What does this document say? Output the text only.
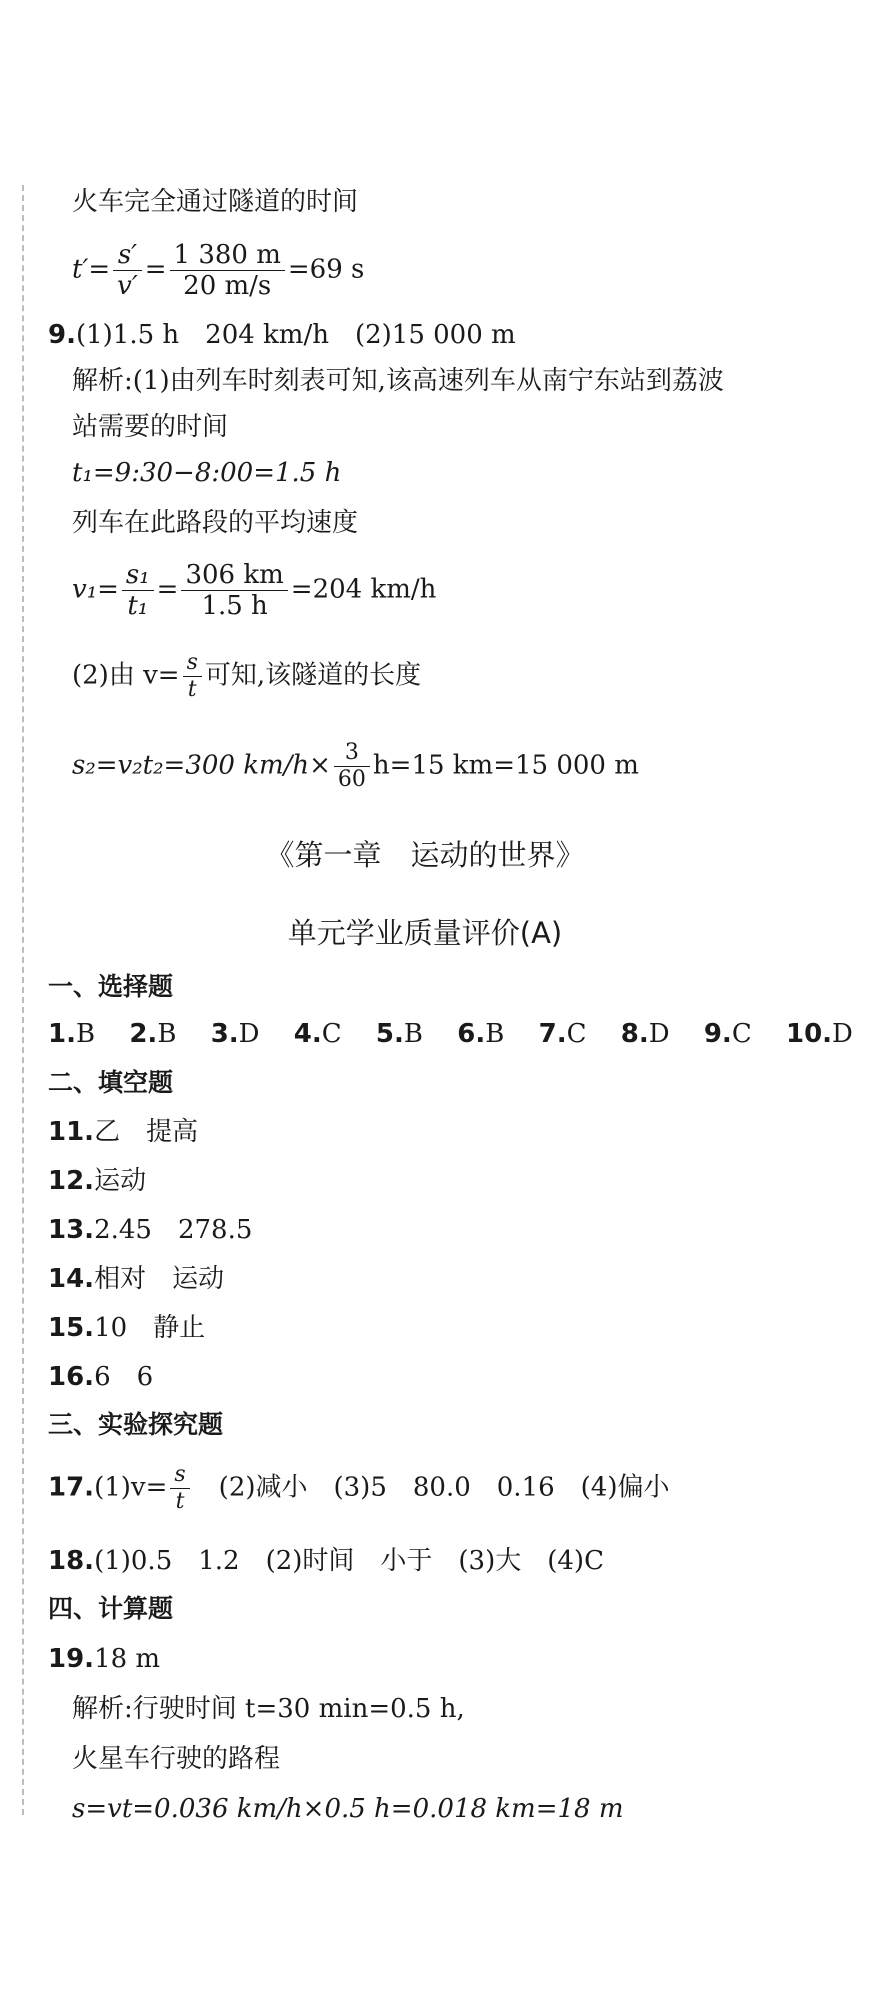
火车完全通过隧道的时间
$t'= \frac{s'}{v'} = \frac{1 380 m}{20 m/s} =69$ s
9.(1)1.5 h　204 km/h　(2)15 000 m
解析:(1)由列车时刻表可知,该高速列车从南宁东站到荔波
站需要的时间
t₁=9:30−8:00=1.5 h
列车在此路段的平均速度
$v_1= \frac{\text{s₁}}{\text{t₁}} = \frac{306 km}{1.5 h} =204$ km/h
(2)由 $v= \frac{s}{t}$ 可知,该隧道的长度
s₂=v₂t₂=300 $km/h\times \frac{3}{60} h=15$ km=15 000 m
《第一章　运动的世界》
单元学业质量评价(A)
一、选择题
1.B 2.B 3.D 4.C 5.B 6.B 7.C 8.D 9.C 10.D
二、填空题
11.乙　提高
12.运动
13.2.45　278.5
14.相对　运动
15.10　静止
16.6　6
三、实验探究题
$17.(1)v= \frac{s}{t}$ 　(2)减小　(3)5　80.0　0.16　(4)偏小
18.(1)0.5　1.2　(2)时间　小于　(3)大　(4)C
四、计算题
19.18 m
解析:行驶时间 t=30 min=0.5 h,
火星车行驶的路程
s=vt=0.036 km/h×0.5 h=0.018 km=18 m
